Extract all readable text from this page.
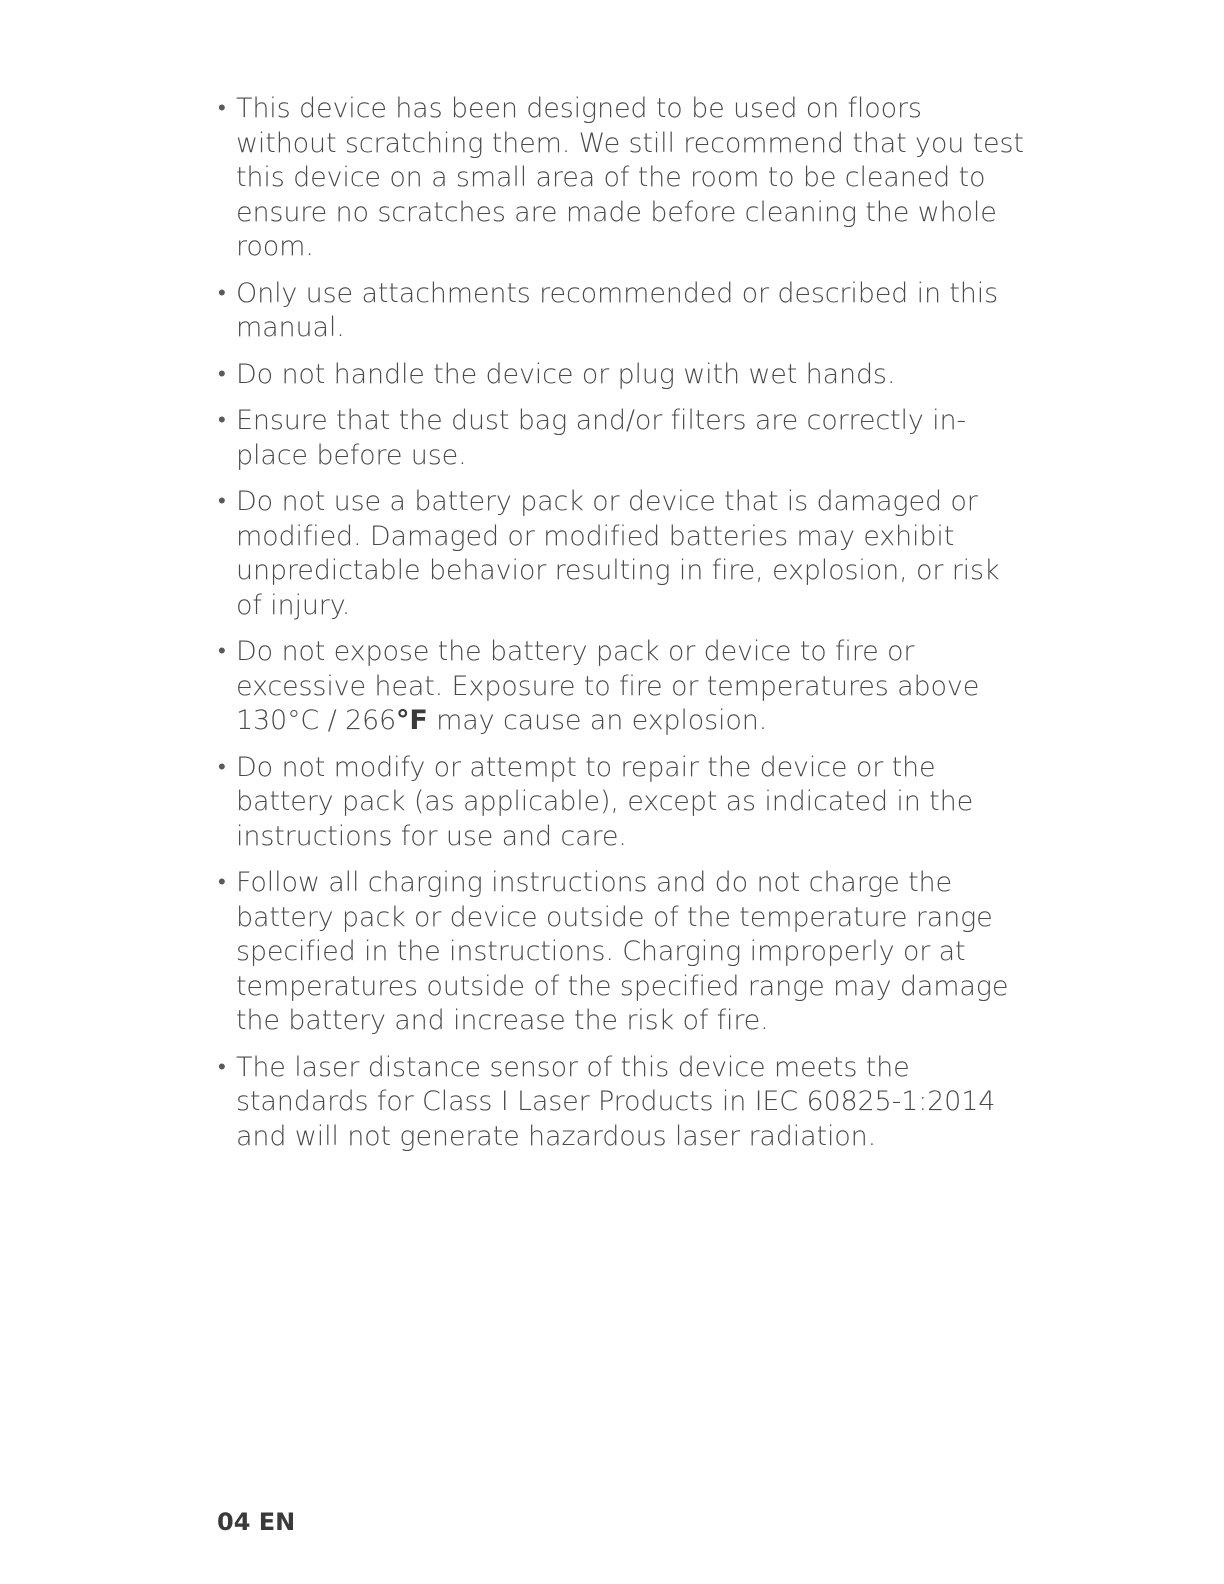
• This device has been designed to be used on floors without scratching them. We still recommend that you test this device on a small area of the room to be cleaned to ensure no scratches are made before cleaning the whole room.
• Only use attachments recommended or described in this manual.
• Do not handle the device or plug with wet hands.
• Ensure that the dust bag and/or filters are correctly in-place before use.
• Do not use a battery pack or device that is damaged or modified. Damaged or modified batteries may exhibit unpredictable behavior resulting in fire, explosion, or risk of injury.
• Do not expose the battery pack or device to fire or excessive heat. Exposure to fire or temperatures above 130°C / 266°F may cause an explosion.
• Do not modify or attempt to repair the device or the battery pack (as applicable), except as indicated in the instructions for use and care.
• Follow all charging instructions and do not charge the battery pack or device outside of the temperature range specified in the instructions. Charging improperly or at temperatures outside of the specified range may damage the battery and increase the risk of fire.
• The laser distance sensor of this device meets the standards for Class I Laser Products in IEC 60825-1:2014 and will not generate hazardous laser radiation.
04 EN
